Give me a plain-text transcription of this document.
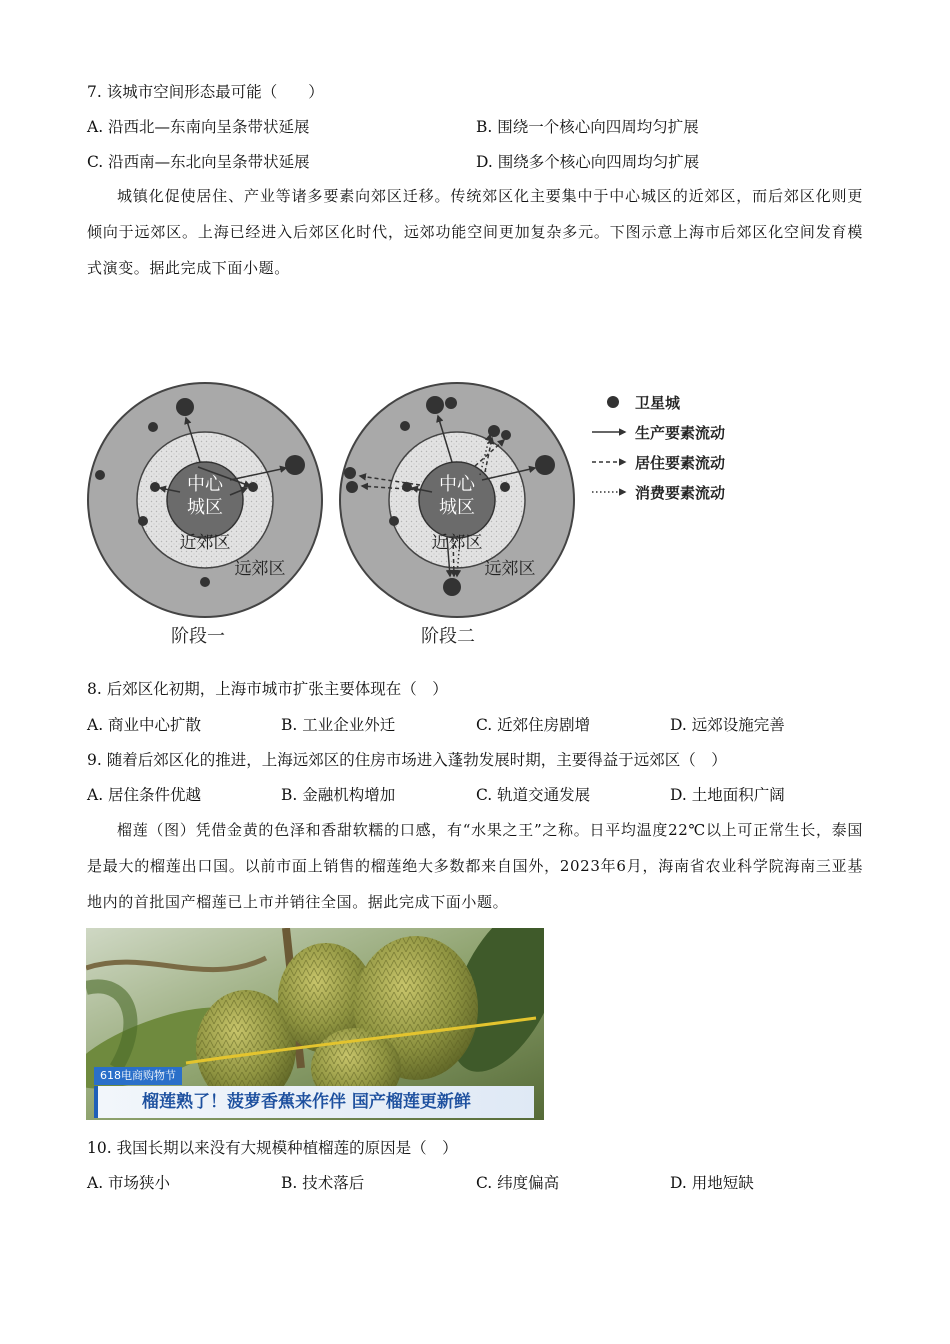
7. 该城市空间形态最可能（　　）
A. 沿西北—东南向呈条带状延展	B. 围绕一个核心向四周均匀扩展
C. 沿西南—东北向呈条带状延展	D. 围绕多个核心向四周均匀扩展
城镇化促使居住、产业等诸多要素向郊区迁移。传统郊区化主要集中于中心城区的近郊区，而后郊区化则更倾向于远郊区。上海已经进入后郊区化时代，远郊功能空间更加复杂多元。下图示意上海市后郊区化空间发育模式演变。据此完成下面小题。
中心
城区
近郊区
远郊区
阶段一
中心
城区
近郊区
远郊区
阶段二
卫星城
生产要素流动
居住要素流动
消费要素流动
8. 后郊区化初期，上海市城市扩张主要体现在（　）
A. 商业中心扩散	B. 工业企业外迁	C. 近郊住房剧增	D. 远郊设施完善
9. 随着后郊区化的推进，上海远郊区的住房市场进入蓬勃发展时期，主要得益于远郊区（　）
A. 居住条件优越	B. 金融机构增加	C. 轨道交通发展	D. 土地面积广阔
榴莲（图）凭借金黄的色泽和香甜软糯的口感，有“水果之王”之称。日平均温度22℃以上可正常生长，泰国是最大的榴莲出口国。以前市面上销售的榴莲绝大多数都来自国外，2023年6月，海南省农业科学院海南三亚基地内的首批国产榴莲已上市并销往全国。据此完成下面小题。
618电商购物节
榴莲熟了！菠萝香蕉来作伴 国产榴莲更新鲜
10. 我国长期以来没有大规模种植榴莲的原因是（　）
A. 市场狭小	B. 技术落后	C. 纬度偏高	D. 用地短缺
